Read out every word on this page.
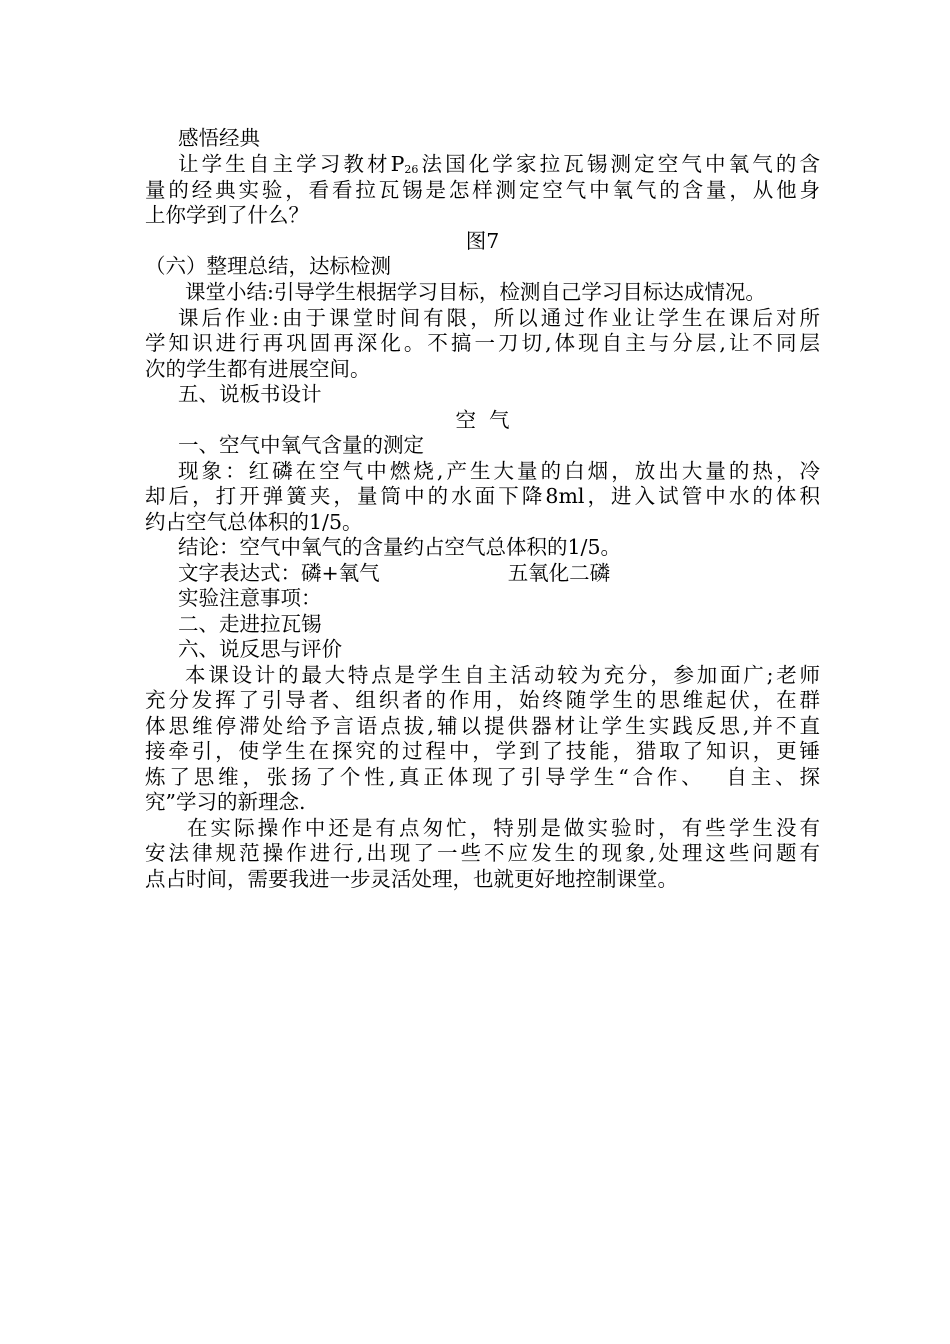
感悟经典
让学生自主学习教材$P_{26}$法国化学家拉瓦锡测定空气中氧气的含
量的经典实验，看看拉瓦锡是怎样测定空气中氧气的含量，从他身
上你学到了什么？
图7
（六）整理总结，达标检测
课堂小结:引导学生根据学习目标，检测自己学习目标达成情况。
课后作业:由于课堂时间有限，所以通过作业让学生在课后对所
学知识进行再巩固再深化。不搞一刀切,体现自主与分层,让不同层
次的学生都有进展空间。
五、说板书设计
空  气
一、空气中氧气含量的测定
现象：红磷在空气中燃烧,产生大量的白烟，放出大量的热，冷
却后，打开弹簧夹，量筒中的水面下降8ml，进入试管中水的体积
约占空气总体积的1/5。
结论：空气中氧气的含量约占空气总体积的1/5。
文字表达式：磷+氧气	五氧化二磷
实验注意事项：
二、走进拉瓦锡
六、说反思与评价
本课设计的最大特点是学生自主活动较为充分，参加面广;老师
充分发挥了引导者、组织者的作用，始终随学生的思维起伏，在群
体思维停滞处给予言语点拔,辅以提供器材让学生实践反思,并不直
接牵引，使学生在探究的过程中，学到了技能，猎取了知识，更锤
炼了思维，张扬了个性,真正体现了引导学生“合作、  自主、探
究”学习的新理念.
在实际操作中还是有点匆忙，特别是做实验时，有些学生没有
安法律规范操作进行,出现了一些不应发生的现象,处理这些问题有
点占时间，需要我进一步灵活处理，也就更好地控制课堂。
